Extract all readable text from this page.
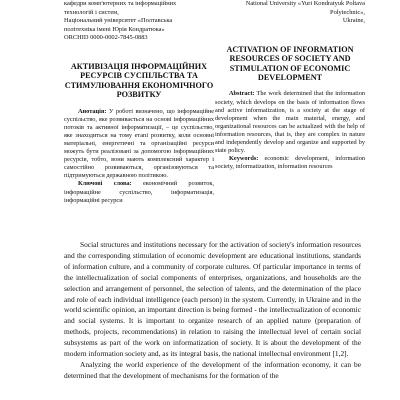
кафедри комп'ютерних та інформаційних
технологій і систем,
Національний університет «Полтавська
політехніка імені Юрія Кондратюка»
ORCHID 0000-0002-7845-0883
АКТИВІЗАЦІЯ ІНФОРМАЦІЙНИХ РЕСУРСІВ СУСПІЛЬСТВА ТА СТИМУЛЮВАННЯ ЕКОНОМІЧНОГО РОЗВИТКУ
Анотація: У роботі визначено, що інформаційне суспільство, яке розвивається на основі інформаційних потоків та активної інформатизації, – це суспільство, яке знаходиться на тому етапі розвитку, коли основні матеріальні, енергетичні та організаційні ресурси можуть бути реалізовані за допомогою інформаційних ресурсів, тобто, вони мають комплексний характер і самостійно розвиваються, організовуються та підтримуються державною політикою.
Ключові слова: економічний розвиток, інформаційне суспільство, інформатизація, інформаційні ресурси
National University «Yuri Kondratyuk Poltava
Polytechnic»,
Ukraine,
ACTIVATION OF INFORMATION RESOURCES OF SOCIETY AND STIMULATION OF ECONOMIC DEVELOPMENT
Abstract: The work determined that the information society, which develops on the basis of information flows and active informatization, is a society at the stage of development when the main material, energy, and organizational resources can be actualized with the help of information resources, that is, they are complex in nature and independently develop and organize and supported by state policy.
Keywords: economic development, information society, informatization, information resources

Social structures and institutions necessary for the activation of society's information resources and the corresponding stimulation of economic development are educational institutions, standards of information culture, and a community of corporate cultures. Of particular importance in terms of the intellectualization of social components of enterprises, organizations, and households are the selection and arrangement of personnel, the selection of talents, and the determination of the place and role of each individual intelligence (each person) in the system. Currently, in Ukraine and in the world scientific opinion, an important direction is being formed - the intellectualization of economic and social systems. It is important to organize research of an applied nature (preparation of methods, projects, recommendations) in relation to raising the intellectual level of certain social subsystems as part of the work on informatization of society. It is about the development of the modern information society and, as its integral basis, the national intellectual environment [1,2].

Analyzing the world experience of the development of the information economy, it can be determined that the development of mechanisms for the formation of the
